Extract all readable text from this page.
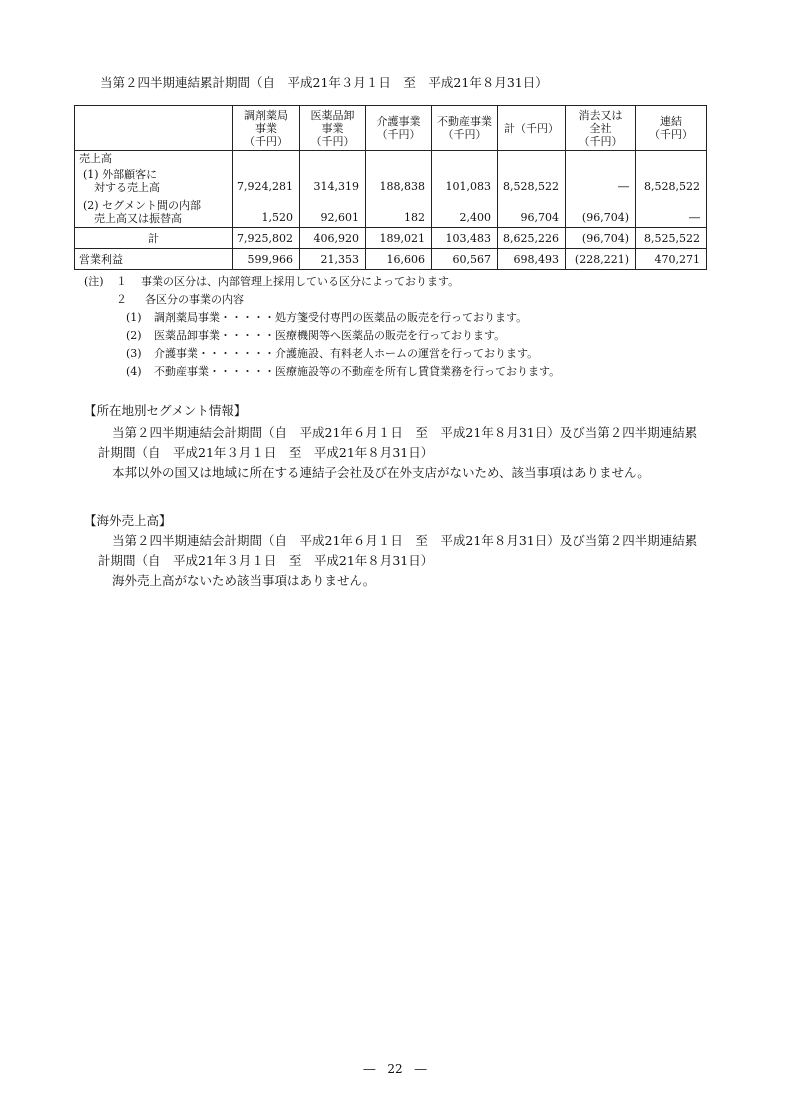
当第２四半期連結累計期間（自　平成21年３月１日　至　平成21年８月31日）
	調剤薬局
事業
（千円）	医薬品卸
事業
（千円）	介護事業
（千円）	不動産事業
（千円）	計（千円）	消去又は
全社
（千円）	連結
（千円）
売上高							

(1) 外部顧客に
　対する売上高	7,924,281	314,319	188,838	101,083	8,528,522	―	8,528,522

(2) セグメント間の内部
　売上高又は振替高	1,520	92,601	182	2,400	96,704	(96,704)	―
計	7,925,802	406,920	189,021	103,483	8,625,226	(96,704)	8,525,522
営業利益	599,966	21,353	16,606	60,567	698,493	(228,221)	470,271
(注) １　 事業の区分は、内部管理上採用している区分によっております。
２　 各区分の事業の内容
(1) 調剤薬局事業・・・・・処方箋受付専門の医薬品の販売を行っております。
(2) 医薬品卸事業・・・・・医療機関等へ医薬品の販売を行っております。
(3) 介護事業・・・・・・・介護施設、有料老人ホームの運営を行っております。
(4) 不動産事業・・・・・・医療施設等の不動産を所有し賃貸業務を行っております。
【所在地別セグメント情報】
当第２四半期連結会計期間（自　平成21年６月１日　至　平成21年８月31日）及び当第２四半期連結累
計期間（自　平成21年３月１日　至　平成21年８月31日）
本邦以外の国又は地域に所在する連結子会社及び在外支店がないため、該当事項はありません。
【海外売上高】
当第２四半期連結会計期間（自　平成21年６月１日　至　平成21年８月31日）及び当第２四半期連結累
計期間（自　平成21年３月１日　至　平成21年８月31日）
海外売上高がないため該当事項はありません。
―　22　―
